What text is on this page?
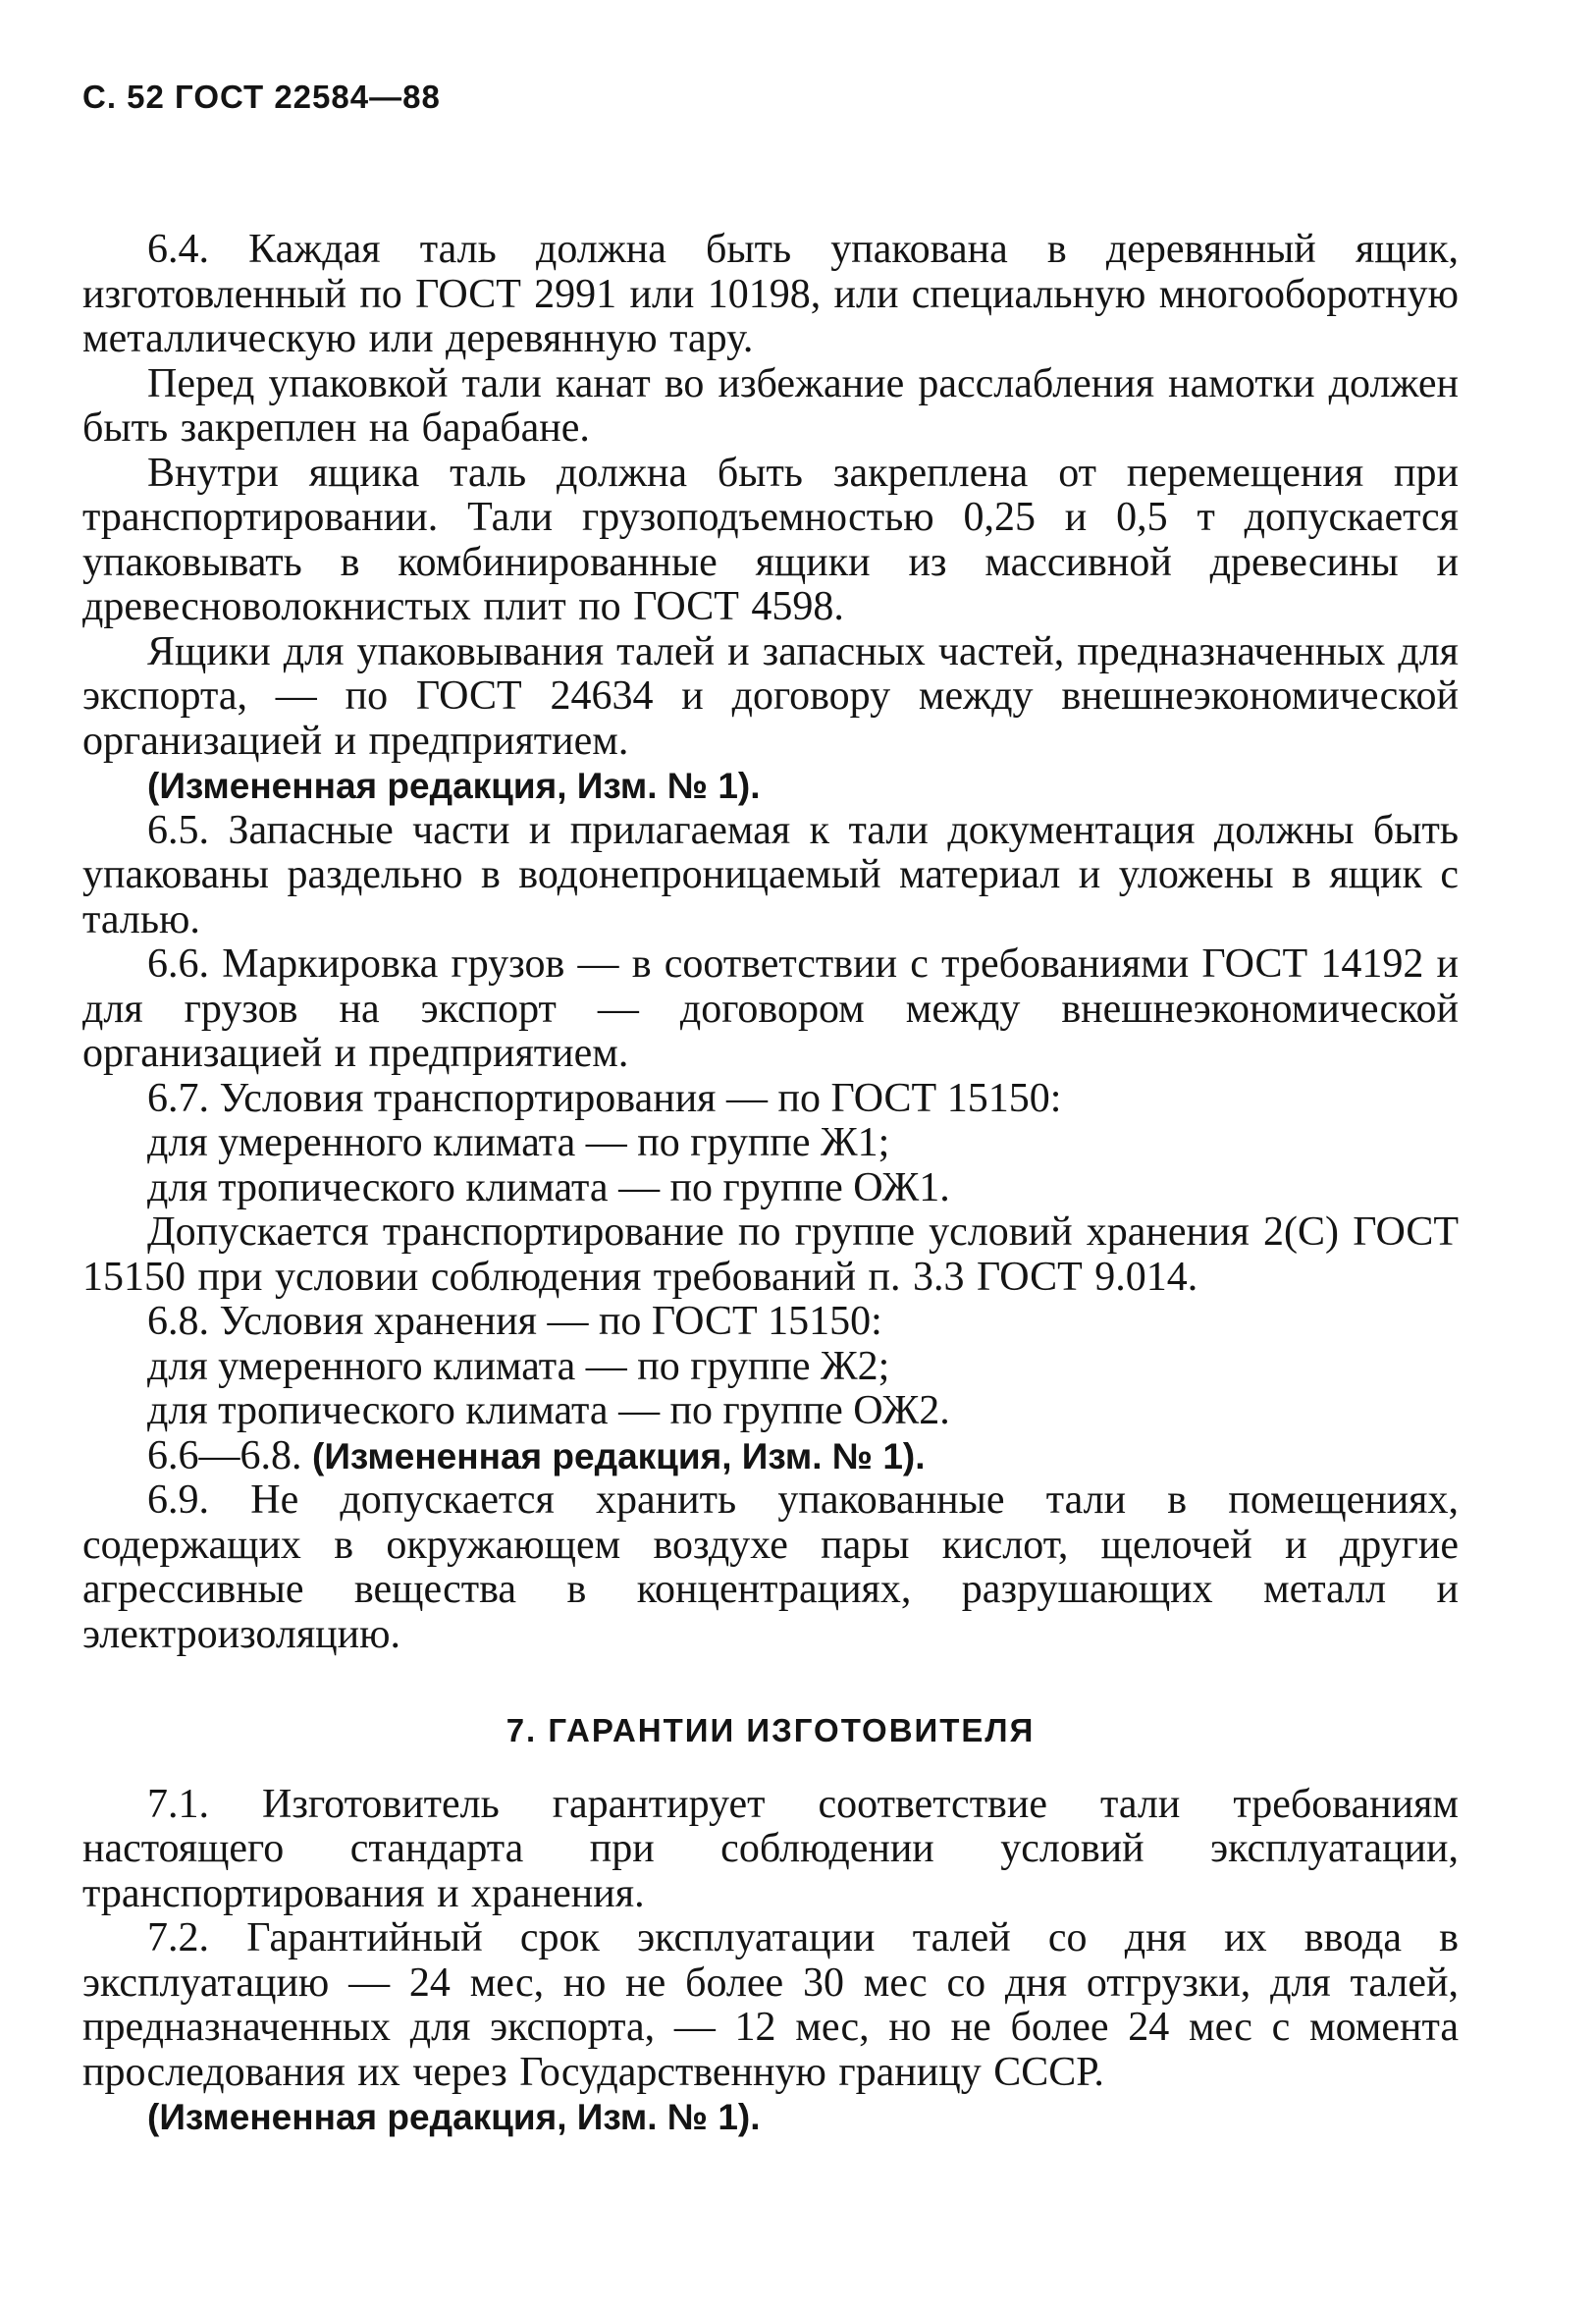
С. 52 ГОСТ 22584—88

6.4. Каждая таль должна быть упакована в деревянный ящик, изготовленный по ГОСТ 2991 или 10198, или специальную многооборотную металлическую или деревянную тару.

Перед упаковкой тали канат во избежание расслабления намотки должен быть закреплен на барабане.

Внутри ящика таль должна быть закреплена от перемещения при транспортировании. Тали грузоподъемностью 0,25 и 0,5 т допускается упаковывать в комбинированные ящики из массивной древесины и древесноволокнистых плит по ГОСТ 4598.

Ящики для упаковывания талей и запасных частей, предназначенных для экспорта, — по ГОСТ 24634 и договору между внешнеэкономической организацией и предприятием.

(Измененная редакция, Изм. № 1).

6.5. Запасные части и прилагаемая к тали документация должны быть упакованы раздельно в водонепроницаемый материал и уложены в ящик с талью.

6.6. Маркировка грузов — в соответствии с требованиями ГОСТ 14192 и для грузов на экспорт — договором между внешнеэкономической организацией и предприятием.

6.7. Условия транспортирования — по ГОСТ 15150:

для умеренного климата — по группе Ж1;

для тропического климата — по группе ОЖ1.

Допускается транспортирование по группе условий хранения 2(С) ГОСТ 15150 при условии соблюдения требований п. 3.3 ГОСТ 9.014.

6.8. Условия хранения — по ГОСТ 15150:

для умеренного климата — по группе Ж2;

для тропического климата — по группе ОЖ2.

6.6—6.8. (Измененная редакция, Изм. № 1).

6.9. Не допускается хранить упакованные тали в помещениях, содержащих в окружающем воздухе пары кислот, щелочей и другие агрессивные вещества в концентрациях, разрушающих металл и электроизоляцию.

7. ГАРАНТИИ ИЗГОТОВИТЕЛЯ

7.1. Изготовитель гарантирует соответствие тали требованиям настоящего стандарта при соблюдении условий эксплуатации, транспортирования и хранения.

7.2. Гарантийный срок эксплуатации талей со дня их ввода в эксплуатацию — 24 мес, но не более 30 мес со дня отгрузки, для талей, предназначенных для экспорта, — 12 мес, но не более 24 мес с момента проследования их через Государственную границу СССР.

(Измененная редакция, Изм. № 1).
